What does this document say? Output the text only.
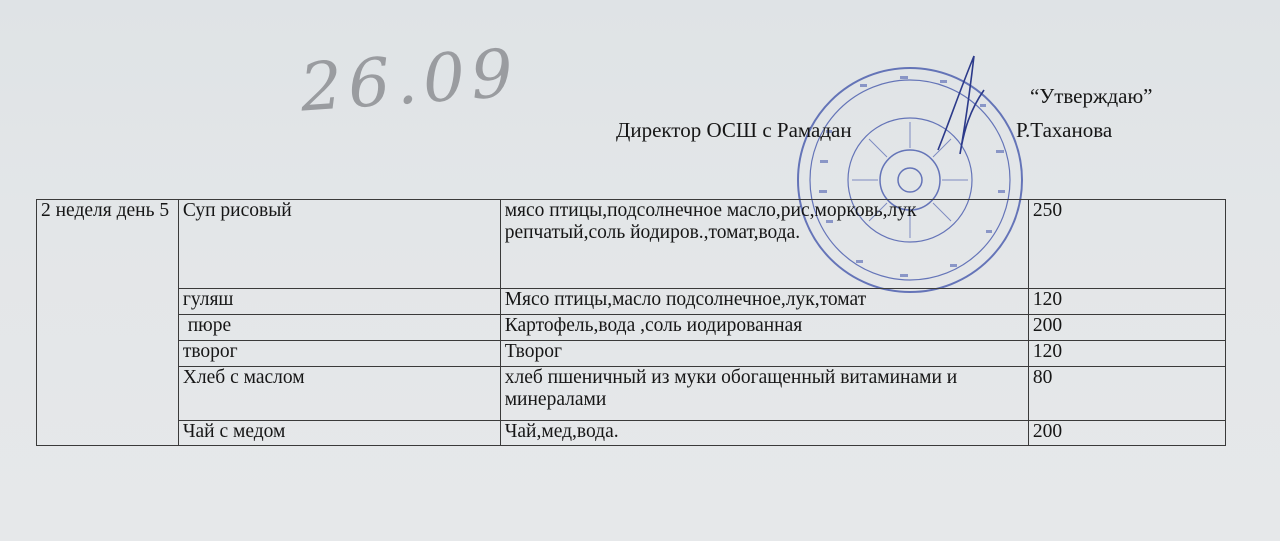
26.09	“Утверждаю”
Директор ОСШ с Рамадан	Р.Таханова
2 неделя день 5	Суп рисовый	мясо птицы,подсолнечное масло,рис,морковь,лук репчатый,соль йодиров.,томат,вода.	250
	гуляш	Мясо птицы,масло подсолнечное,лук,томат	120
	пюре	Картофель,вода ,соль иодированная	200
	творог	Творог	120
	Хлеб с маслом	хлеб пшеничный из муки обогащенный витаминами и минералами	80
	Чай с медом	Чай,мед,вода.	200
